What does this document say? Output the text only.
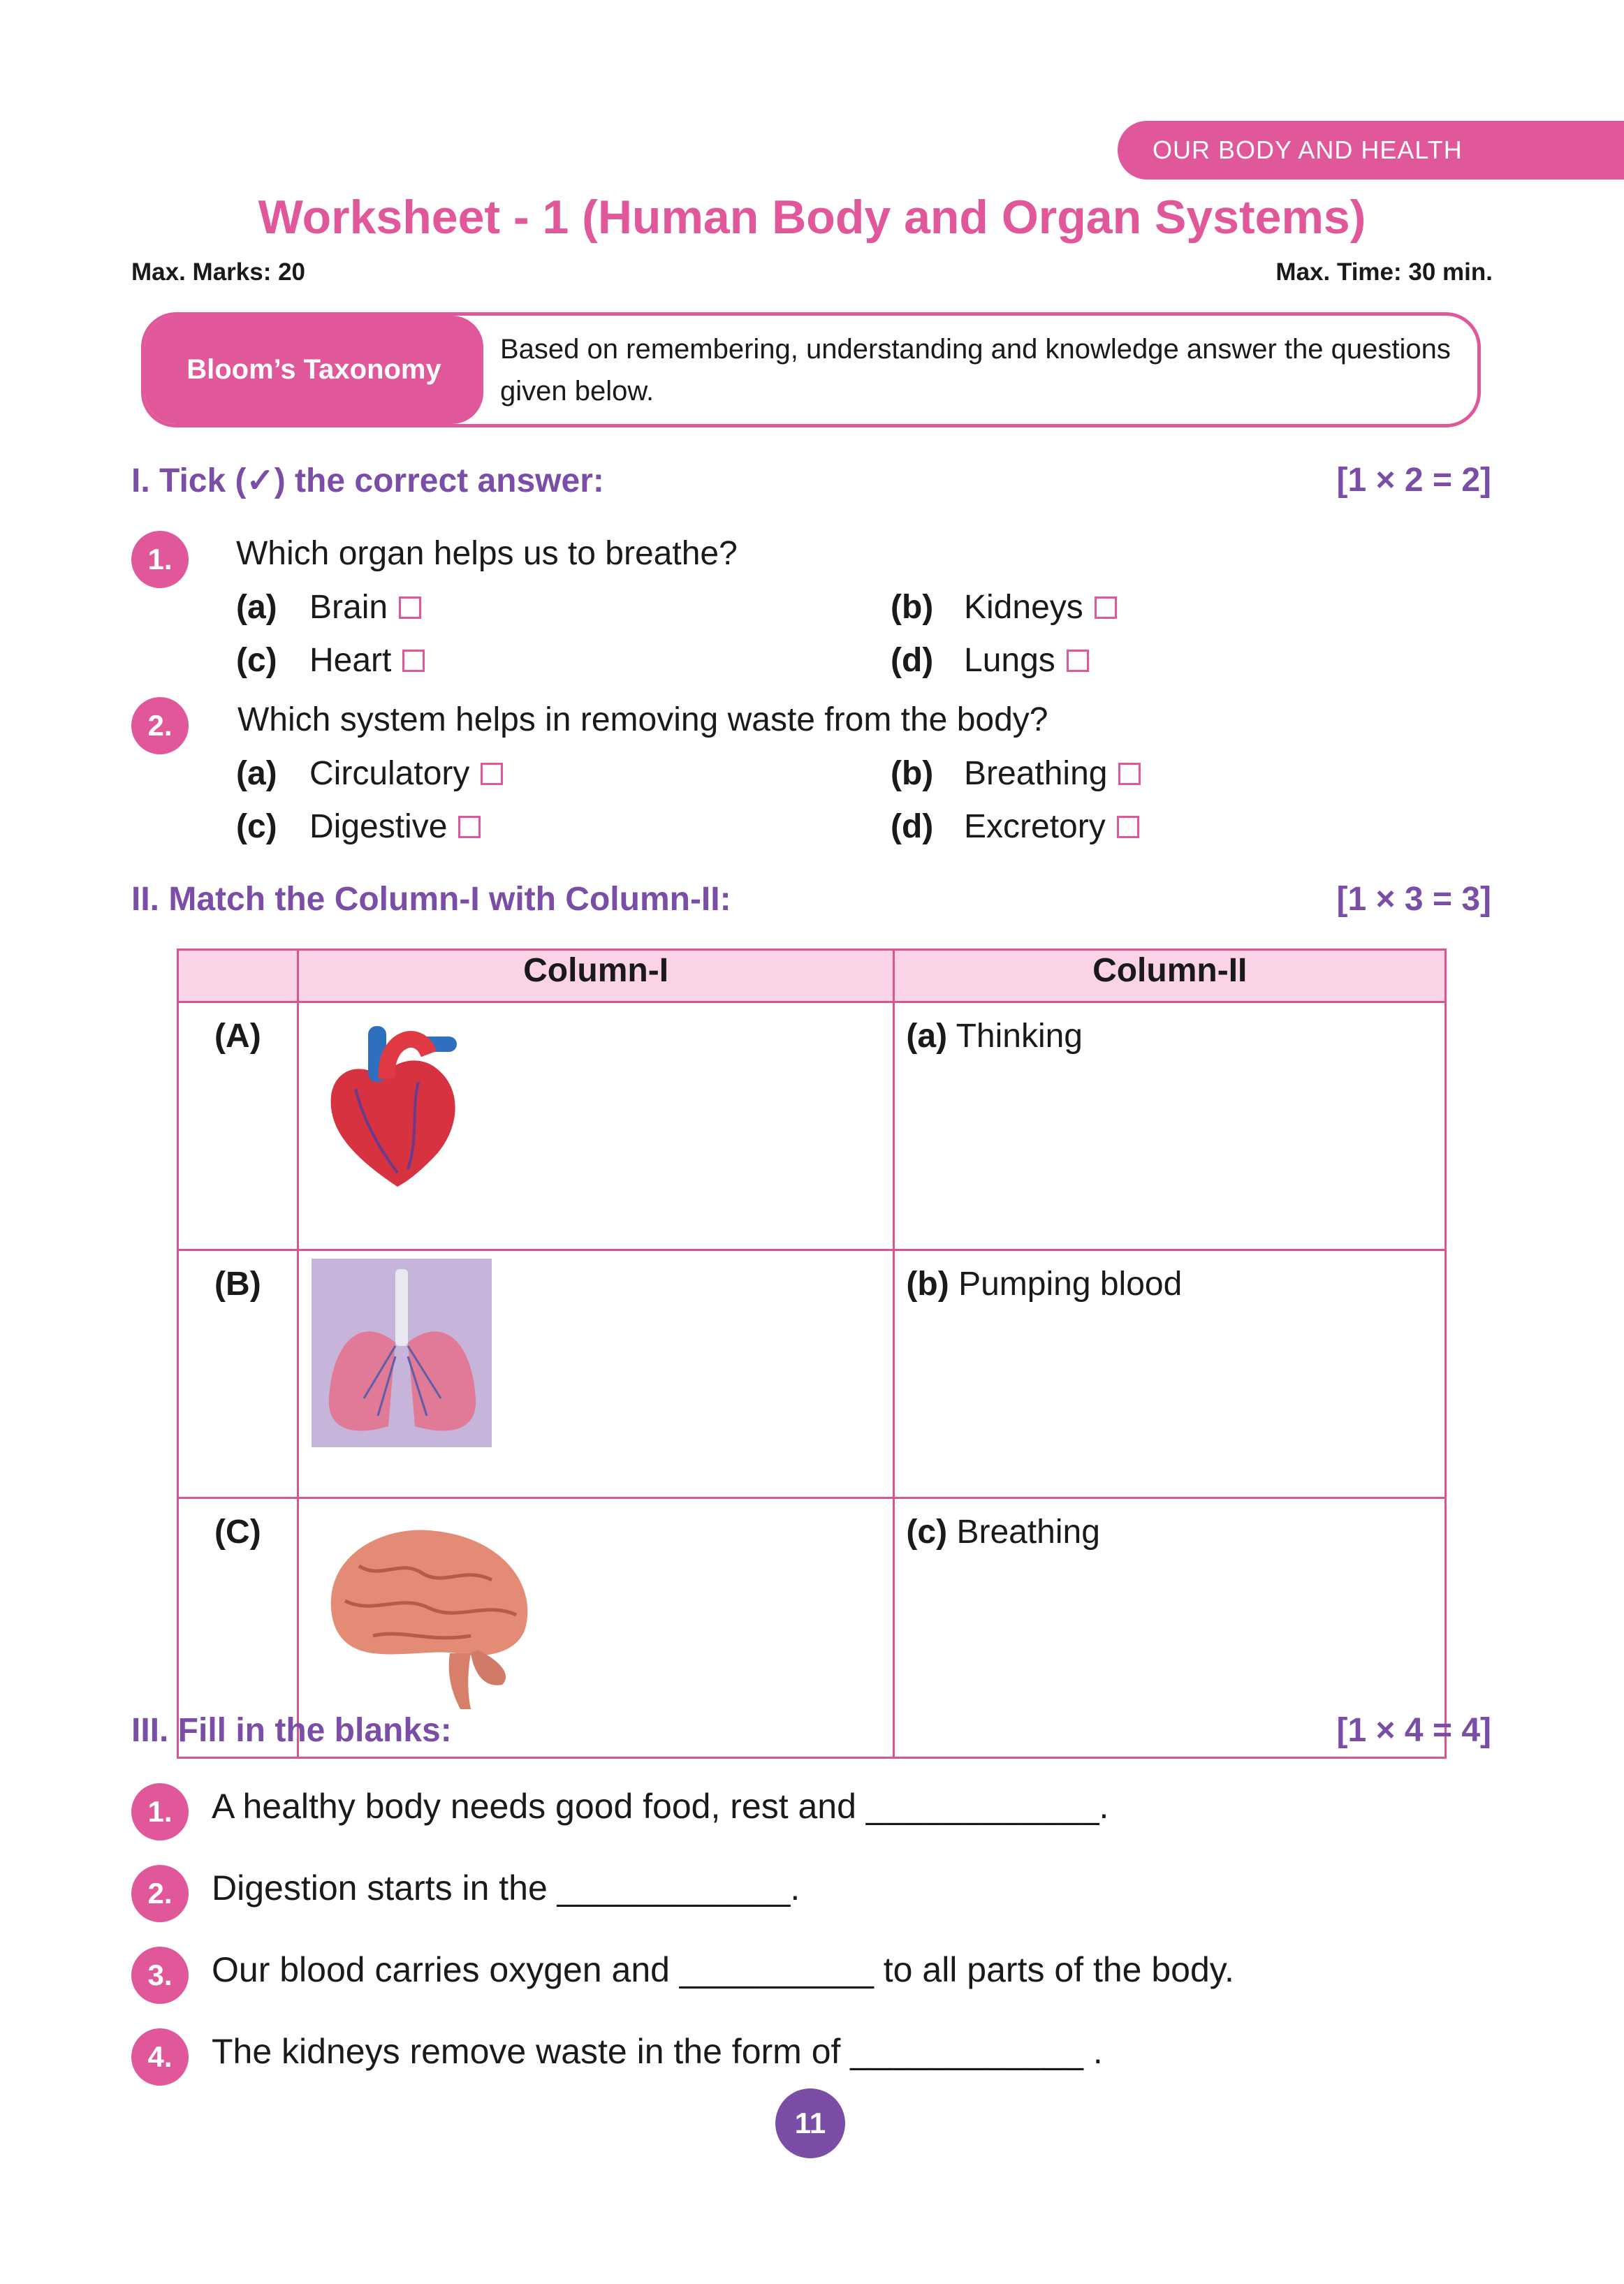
OUR BODY AND HEALTH
Worksheet - 1 (Human Body and Organ Systems)
Max. Marks: 20	Max. Time: 30 min.
Bloom’s Taxonomy
Based on remembering, understanding and knowledge answer the questions given below.
I. Tick (✓) the correct answer:	[1 × 2 = 2]
1.	Which organ helps us to breathe?
(a) Brain	(b) Kidneys
(c) Heart	(d) Lungs
2.	Which system helps in removing waste from the body?
(a) Circulatory	(b) Breathing
(c) Digestive	(d) Excretory
II. Match the Column-I with Column-II:	[1 × 3 = 3]
	Column-I	Column-II
(A)		(a) Thinking
(B)		(b) Pumping blood
(C)		(c) Breathing
III. Fill in the blanks:	[1 × 4 = 4]
1.	A healthy body needs good food, rest and ____________.
2.	Digestion starts in the ____________.
3.	Our blood carries oxygen and __________ to all parts of the body.
4.	The kidneys remove waste in the form of ____________ .
11
